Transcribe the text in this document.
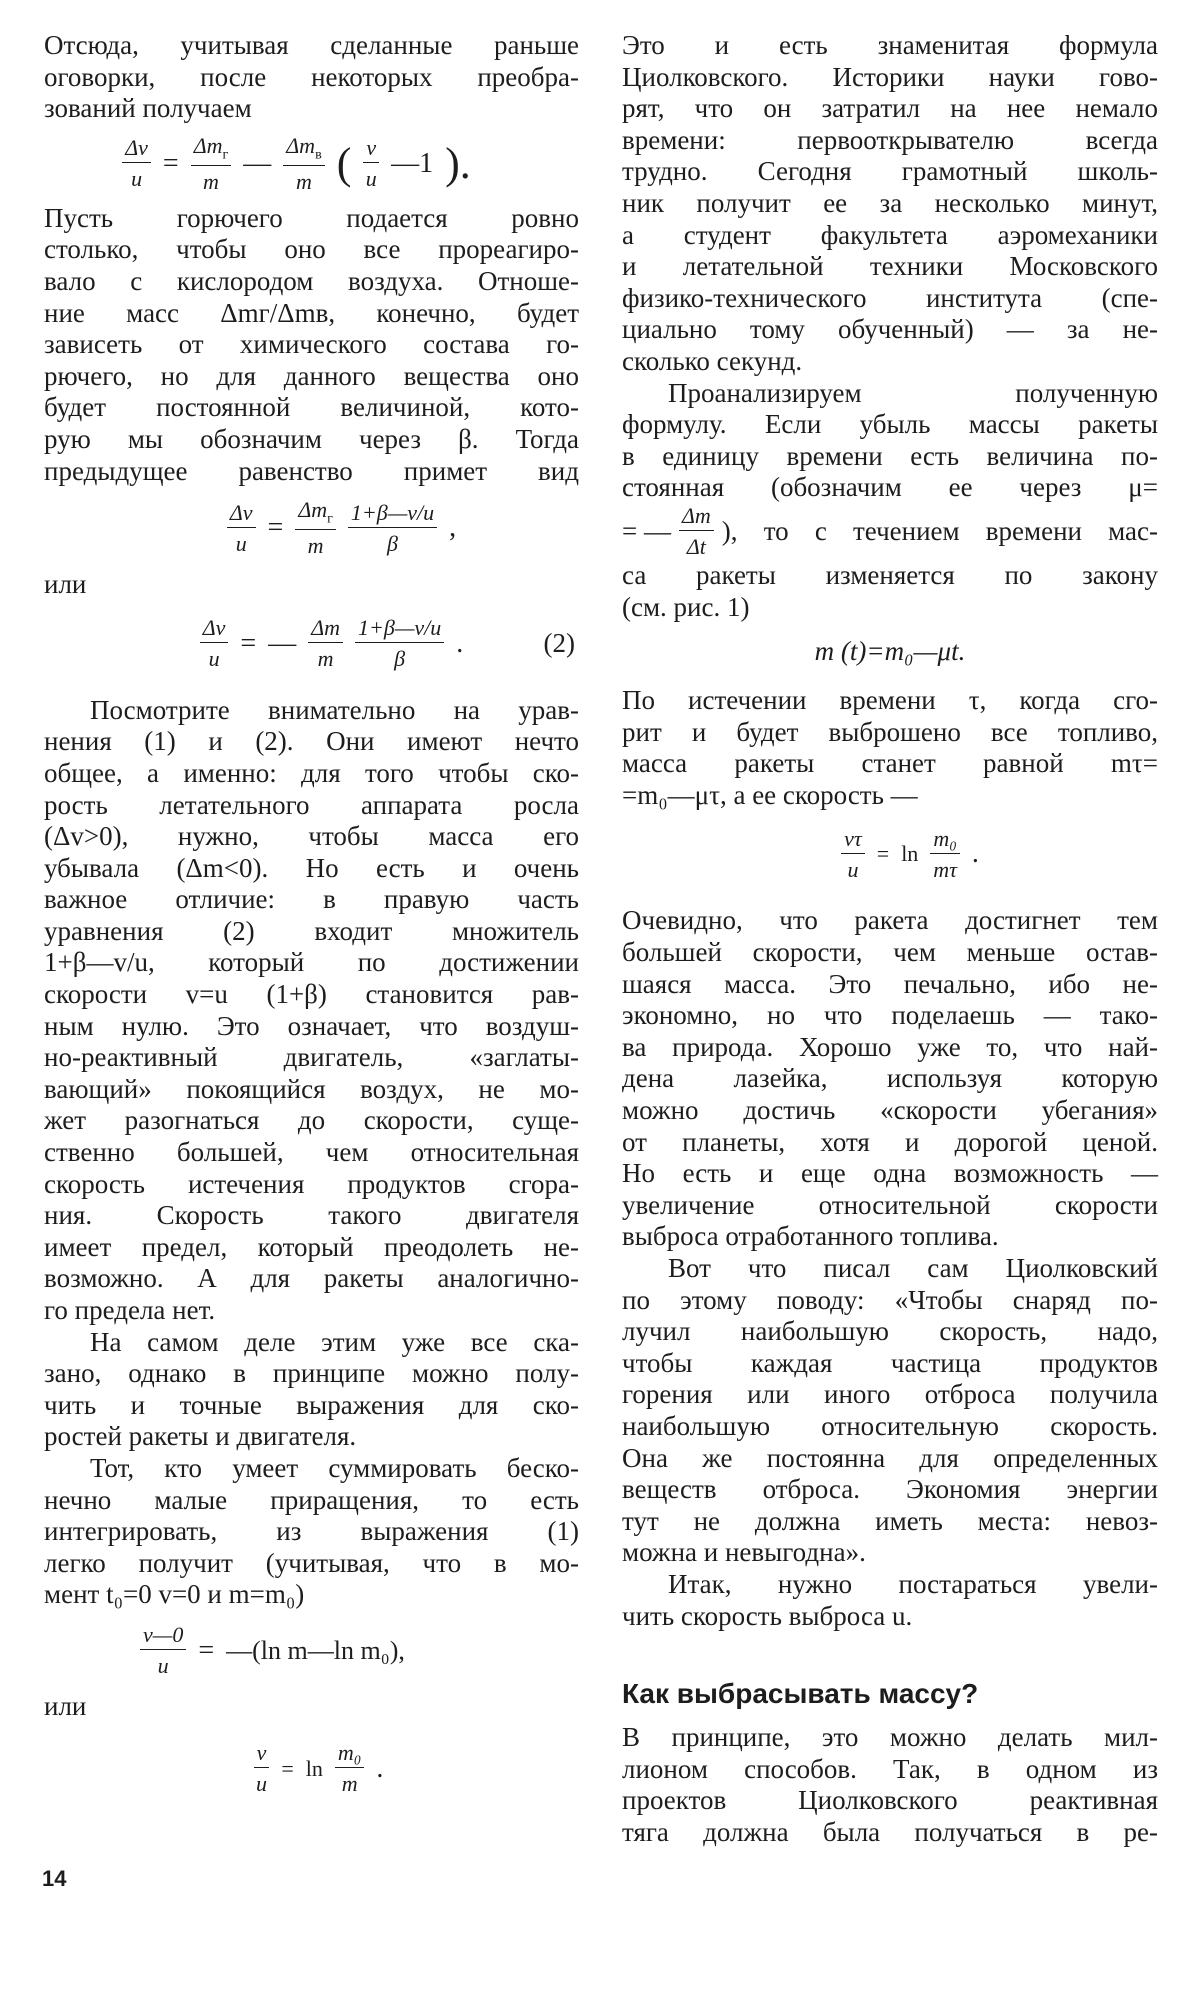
Отсюда, учитывая сделанные раньше
оговорки, после некоторых преобра-
зований получаем
$\frac{\Delta v}{u} = \frac{\Delta m_г}{m}$ — $\frac{\Delta m_в}{m}$ ( $\frac{v}{u}$ —1 ).
Пусть горючего подается ровно
столько, чтобы оно все прореагиро-
вало с кислородом воздуха. Отноше-
ние масс Δmг/Δmв, конечно, будет
зависеть от химического состава го-
рючего, но для данного вещества оно
будет постоянной величиной, кото-
рую мы обозначим через β. Тогда
предыдущее равенство примет вид
$\frac{\Delta v}{u} = \frac{\Delta m_г}{m} \frac{1+\beta—v/u}{\beta}$ ,
или
$\frac{\Delta v}{u}$ = — $\frac{\Delta m}{m} \frac{1+\beta—v/u}{\beta}$ .	(2)
Посмотрите внимательно на урав-
нения (1) и (2). Они имеют нечто
общее, а именно: для того чтобы ско-
рость летательного аппарата росла
(Δv>0), нужно, чтобы масса его
убывала (Δm<0). Но есть и очень
важное отличие: в правую часть
уравнения (2) входит множитель
1+β—v/u, который по достижении
скорости v=u (1+β) становится рав-
ным нулю. Это означает, что воздуш-
но-реактивный двигатель, «заглаты-
вающий» покоящийся воздух, не мо-
жет разогнаться до скорости, суще-
ственно большей, чем относительная
скорость истечения продуктов сгора-
ния. Скорость такого двигателя
имеет предел, который преодолеть не-
возможно. А для ракеты аналогично-
го предела нет.
На самом деле этим уже все ска-
зано, однако в принципе можно полу-
чить и точные выражения для ско-
ростей ракеты и двигателя.
Тот, кто умеет суммировать беско-
нечно малые приращения, то есть
интегрировать, из выражения (1)
легко получит (учитывая, что в мо-
мент t₀=0 v=0 и m=m₀)
$\frac{v—0}{u}$ = —(ln m—ln m₀),
или
$\frac{v}{u} = \ln \frac{\text{m₀}}{m}$ .
Это и есть знаменитая формула
Циолковского. Историки науки гово-
рят, что он затратил на нее немало
времени: первооткрывателю всегда
трудно. Сегодня грамотный школь-
ник получит ее за несколько минут,
а студент факультета аэромеханики
и летательной техники Московского
физико-технического института (спе-
циально тому обученный) — за не-
сколько секунд.
Проанализируем полученную
формулу. Если убыль массы ракеты
в единицу времени есть величина по-
стоянная (обозначим ее через μ=
= — $\frac{\Delta m}{\Delta t}$ ), то с течением времени мас-
са ракеты изменяется по закону
(см. рис. 1)
m (t)=m₀—μt.
По истечении времени τ, когда сго-
рит и будет выброшено все топливо,
масса ракеты станет равной mτ=
=m₀—μτ, а ее скорость —
$\frac{v\tau}{u} = \ln \frac{\text{m₀}}{m\tau}$ .
Очевидно, что ракета достигнет тем
большей скорости, чем меньше остав-
шаяся масса. Это печально, ибо не-
экономно, но что поделаешь — тако-
ва природа. Хорошо уже то, что най-
дена лазейка, используя которую
можно достичь «скорости убегания»
от планеты, хотя и дорогой ценой.
Но есть и еще одна возможность —
увеличение относительной скорости
выброса отработанного топлива.
Вот что писал сам Циолковский
по этому поводу: «Чтобы снаряд по-
лучил наибольшую скорость, надо,
чтобы каждая частица продуктов
горения или иного отброса получила
наибольшую относительную скорость.
Она же постоянна для определенных
веществ отброса. Экономия энергии
тут не должна иметь места: невоз-
можна и невыгодна».
Итак, нужно постараться увели-
чить скорость выброса u.
Как выбрасывать массу?
В принципе, это можно делать мил-
лионом способов. Так, в одном из
проектов Циолковского реактивная
тяга должна была получаться в ре-
14
